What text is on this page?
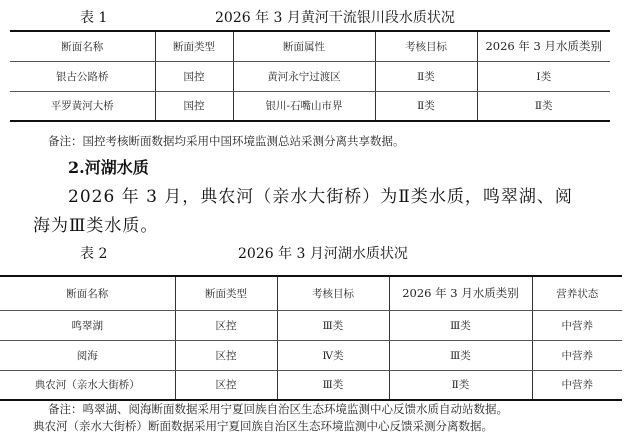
表 1	2026 年 3 月黄河干流银川段水质状况
断面名称	断面类型	断面属性	考核目标	2026 年 3 月水质类别
银古公路桥	国控	黄河永宁过渡区	Ⅱ类	Ⅰ类
平罗黄河大桥	国控	银川-石嘴山市界	Ⅱ类	Ⅱ类
备注：国控考核断面数据均采用中国环境监测总站采测分离共享数据。
2.河湖水质
2026 年 3 月，典农河（亲水大街桥）为Ⅱ类水质，鸣翠湖、阅
海为Ⅲ类水质。
表 2	2026 年 3 月河湖水质状况
断面名称	断面类型	考核目标	2026 年 3 月水质类别	营养状态
鸣翠湖	区控	Ⅲ类	Ⅲ类	中营养
阅海	区控	Ⅳ类	Ⅲ类	中营养
典农河（亲水大街桥）	区控	Ⅲ类	Ⅱ类	中营养
备注：鸣翠湖、阅海断面数据采用宁夏回族自治区生态环境监测中心反馈水质自动站数据。
典农河（亲水大街桥）断面数据采用宁夏回族自治区生态环境监测中心反馈采测分离数据。
